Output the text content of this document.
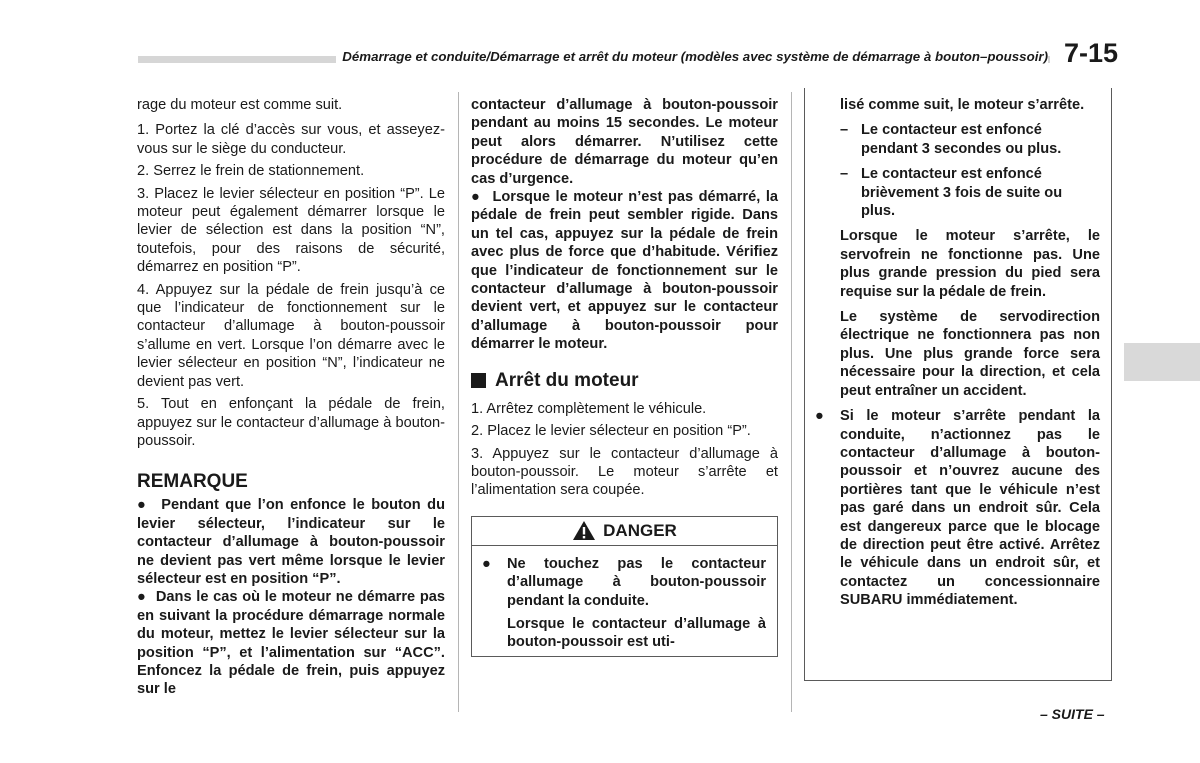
Démarrage et conduite/Démarrage et arrêt du moteur (modèles avec système de démarrage à bouton–poussoir) 7-15

rage du moteur est comme suit.

1. Portez la clé d’accès sur vous, et asseyez-vous sur le siège du conducteur.

2. Serrez le frein de stationnement.

3. Placez le levier sélecteur en position “P”. Le moteur peut également démarrer lorsque le levier de sélection est dans la position “N”, toutefois, pour des raisons de sécurité, démarrez en position “P”.

4. Appuyez sur la pédale de frein jusqu’à ce que l’indicateur de fonctionnement sur le contacteur d’allumage à bouton-poussoir s’allume en vert. Lorsque l’on démarre avec le levier sélecteur en position “N”, l’indicateur ne devient pas vert.

5. Tout en enfonçant la pédale de frein, appuyez sur le contacteur d’allumage à bouton-poussoir.

REMARQUE

● Pendant que l’on enfonce le bouton du levier sélecteur, l’indicateur sur le contacteur d’allumage à bouton-poussoir ne devient pas vert même lorsque le levier sélecteur est en position “P”.

● Dans le cas où le moteur ne démarre pas en suivant la procédure démarrage normale du moteur, mettez le levier sélecteur sur la position “P”, et l’alimentation sur “ACC”. Enfoncez la pédale de frein, puis appuyez sur le

contacteur d’allumage à bouton-poussoir pendant au moins 15 secondes. Le moteur peut alors démarrer. N’utilisez cette procédure de démarrage du moteur qu’en cas d’urgence.

● Lorsque le moteur n’est pas démarré, la pédale de frein peut sembler rigide. Dans un tel cas, appuyez sur la pédale de frein avec plus de force que d’habitude. Vérifiez que l’indicateur de fonctionnement sur le contacteur d’allumage à bouton-poussoir devient vert, et appuyez sur le contacteur d’allumage à bouton-poussoir pour démarrer le moteur.

Arrêt du moteur

1. Arrêtez complètement le véhicule.

2. Placez le levier sélecteur en position “P”.

3. Appuyez sur le contacteur d’allumage à bouton-poussoir. Le moteur s’arrête et l’alimentation sera coupée.

DANGER
●	Ne touchez pas le contacteur d’allumage à bouton-poussoir pendant la conduite.

Lorsque le contacteur d’allumage à bouton-poussoir est uti-

lisé comme suit, le moteur s’arrête.

– Le contacteur est enfoncé pendant 3 secondes ou plus.
– Le contacteur est enfoncé brièvement 3 fois de suite ou plus.

Lorsque le moteur s’arrête, le servofrein ne fonctionne pas. Une plus grande pression du pied sera requise sur la pédale de frein.

Le système de servodirection électrique ne fonctionnera pas non plus. Une plus grande force sera nécessaire pour la direction, et cela peut entraîner un accident.

●	Si le moteur s’arrête pendant la conduite, n’actionnez pas le contacteur d’allumage à bouton-poussoir et n’ouvrez aucune des portières tant que le véhicule n’est pas garé dans un endroit sûr. Cela est dangereux parce que le blocage de direction peut être activé. Arrêtez le véhicule dans un endroit sûr, et contactez un concessionnaire SUBARU immédiatement.
– SUITE –
